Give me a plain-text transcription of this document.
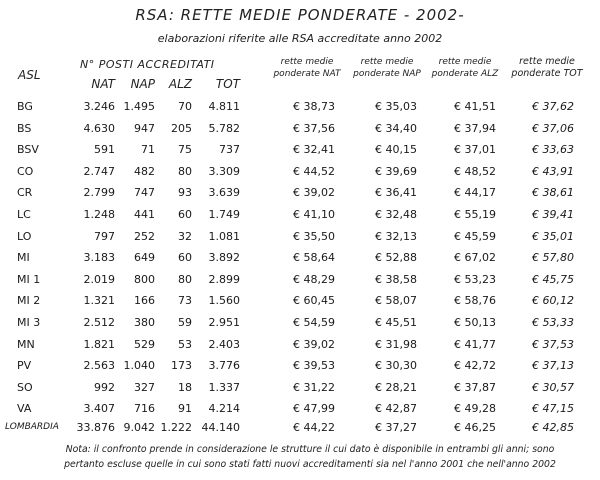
RSA: RETTE MEDIE PONDERATE - 2002-
elaborazioni riferite alle RSA accreditate anno 2002
ASL
N° POSTI ACCREDITATI
NAT	NAP	ALZ	TOT
rette medie
ponderate NAT
rette medie
ponderate NAP
rette medie
ponderate ALZ
rette medie
ponderate TOT
BG	3.246 1.495	70	4.811	€ 38,73	€ 35,03	€ 41,51	€ 37,62
BS	4.630	947	205	5.782	€ 37,56	€ 34,40	€ 37,94	€ 37,06
BSV	591	71	75	737	€ 32,41	€ 40,15	€ 37,01	€ 33,63
CO	2.747	482	80	3.309	€ 44,52	€ 39,69	€ 48,52	€ 43,91
CR	2.799	747	93	3.639	€ 39,02	€ 36,41	€ 44,17	€ 38,61
LC	1.248	441	60	1.749	€ 41,10	€ 32,48	€ 55,19	€ 39,41
LO	797	252	32	1.081	€ 35,50	€ 32,13	€ 45,59	€ 35,01
MI	3.183	649	60	3.892	€ 58,64	€ 52,88	€ 67,02	€ 57,80
MI 1	2.019	800	80	2.899	€ 48,29	€ 38,58	€ 53,23	€ 45,75
MI 2	1.321	166	73	1.560	€ 60,45	€ 58,07	€ 58,76	€ 60,12
MI 3	2.512	380	59	2.951	€ 54,59	€ 45,51	€ 50,13	€ 53,33
MN	1.821	529	53	2.403	€ 39,02	€ 31,98	€ 41,77	€ 37,53
PV	2.563 1.040	173	3.776	€ 39,53	€ 30,30	€ 42,72	€ 37,13
SO	992	327	18	1.337	€ 31,22	€ 28,21	€ 37,87	€ 30,57
VA	3.407	716	91	4.214	€ 47,99	€ 42,87	€ 49,28	€ 47,15
LOMBARDIA	33.876 9.042 1.222 44.140	€ 44,22	€ 37,27	€ 46,25	€ 42,85
Nota: il confronto prende in considerazione le strutture il cui dato è disponibile in entrambi gli anni; sono
pertanto escluse quelle in cui sono stati fatti nuovi accreditamenti sia nel l'anno 2001 che nell'anno 2002
